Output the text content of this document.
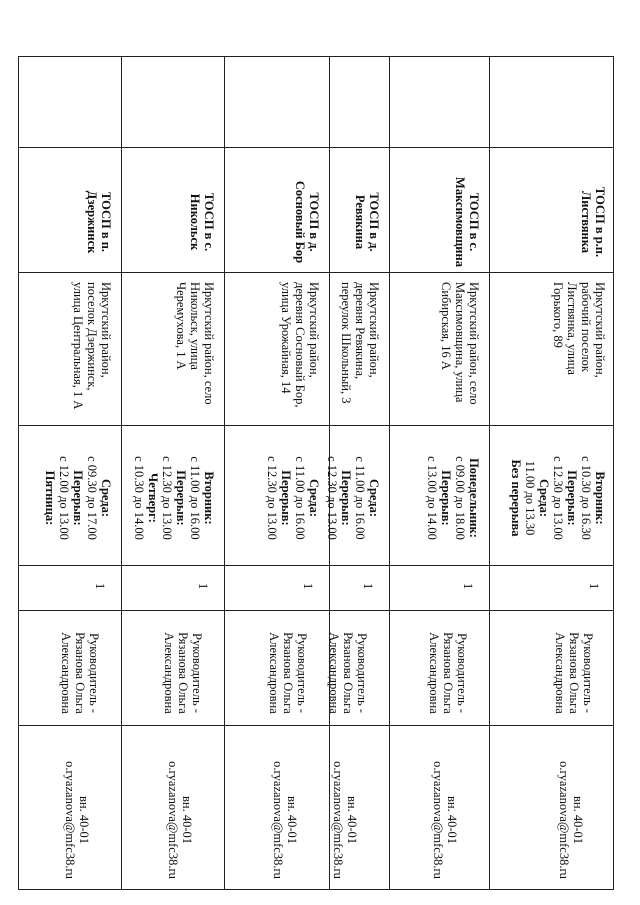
ТОСП в р.п. Листвянка
Иркутский район,
рабочий поселок
Листвянка, улица
Горького, 89
Вторник:
с 10.30 до 16.30
Перерыв:
с 12.30 до 13.00
Среда:
11.00 до 13.30
Без перерыва
1
Руководитель -
Рязанова Ольга
Александровна
вн. 40-01
o.ryazanova@mfc38.ru
ТОСП в с. Максимовщина
Иркутский район, село
Максимовщина, улица
Сибирская, 16 А
Понедельник:
с 09.00 до 18.00
Перерыв:
с 13.00 до 14.00
1
Руководитель -
Рязанова Ольга
Александровна
вн. 40-01
o.ryazanova@mfc38.ru
ТОСП в д. Ревякина
Иркутский район,
деревня Ревякина,
переулок Школьный, 3
Среда:
с 11.00 до 16.00
Перерыв:
с 12.30 до 13.00
1
Руководитель -
Рязанова Ольга
Александровна
вн. 40-01
o.ryazanova@mfc38.ru
ТОСП в д. Сосновый Бор
Иркутский район,
деревня Сосновый Бор,
улица Урожайная, 14
Среда:
с 11.00 до 16.00
Перерыв:
с 12.30 до 13.00
1
Руководитель -
Рязанова Ольга
Александровна
вн. 40-01
o.ryazanova@mfc38.ru
ТОСП в с. Никольск
Иркутский район, село
Никольск, улица
Черемухова, 1 А
Вторник:
с 11.00 до 16.00
Перерыв:
с 12.30 до 13.00
Четверг:
с 10.30 до 14.00
1
Руководитель -
Рязанова Ольга
Александровна
вн. 40-01
o.ryazanova@mfc38.ru
ТОСП в п. Дзержинск
Иркутский район,
поселок Дзержинск,
улица Центральная, 1 А
Среда:
с 09.30 до 17.00
Перерыв:
с 12.00 до 13.00
Пятница:
1
Руководитель -
Рязанова Ольга
Александровна
вн. 40-01
o.ryazanova@mfc38.ru
